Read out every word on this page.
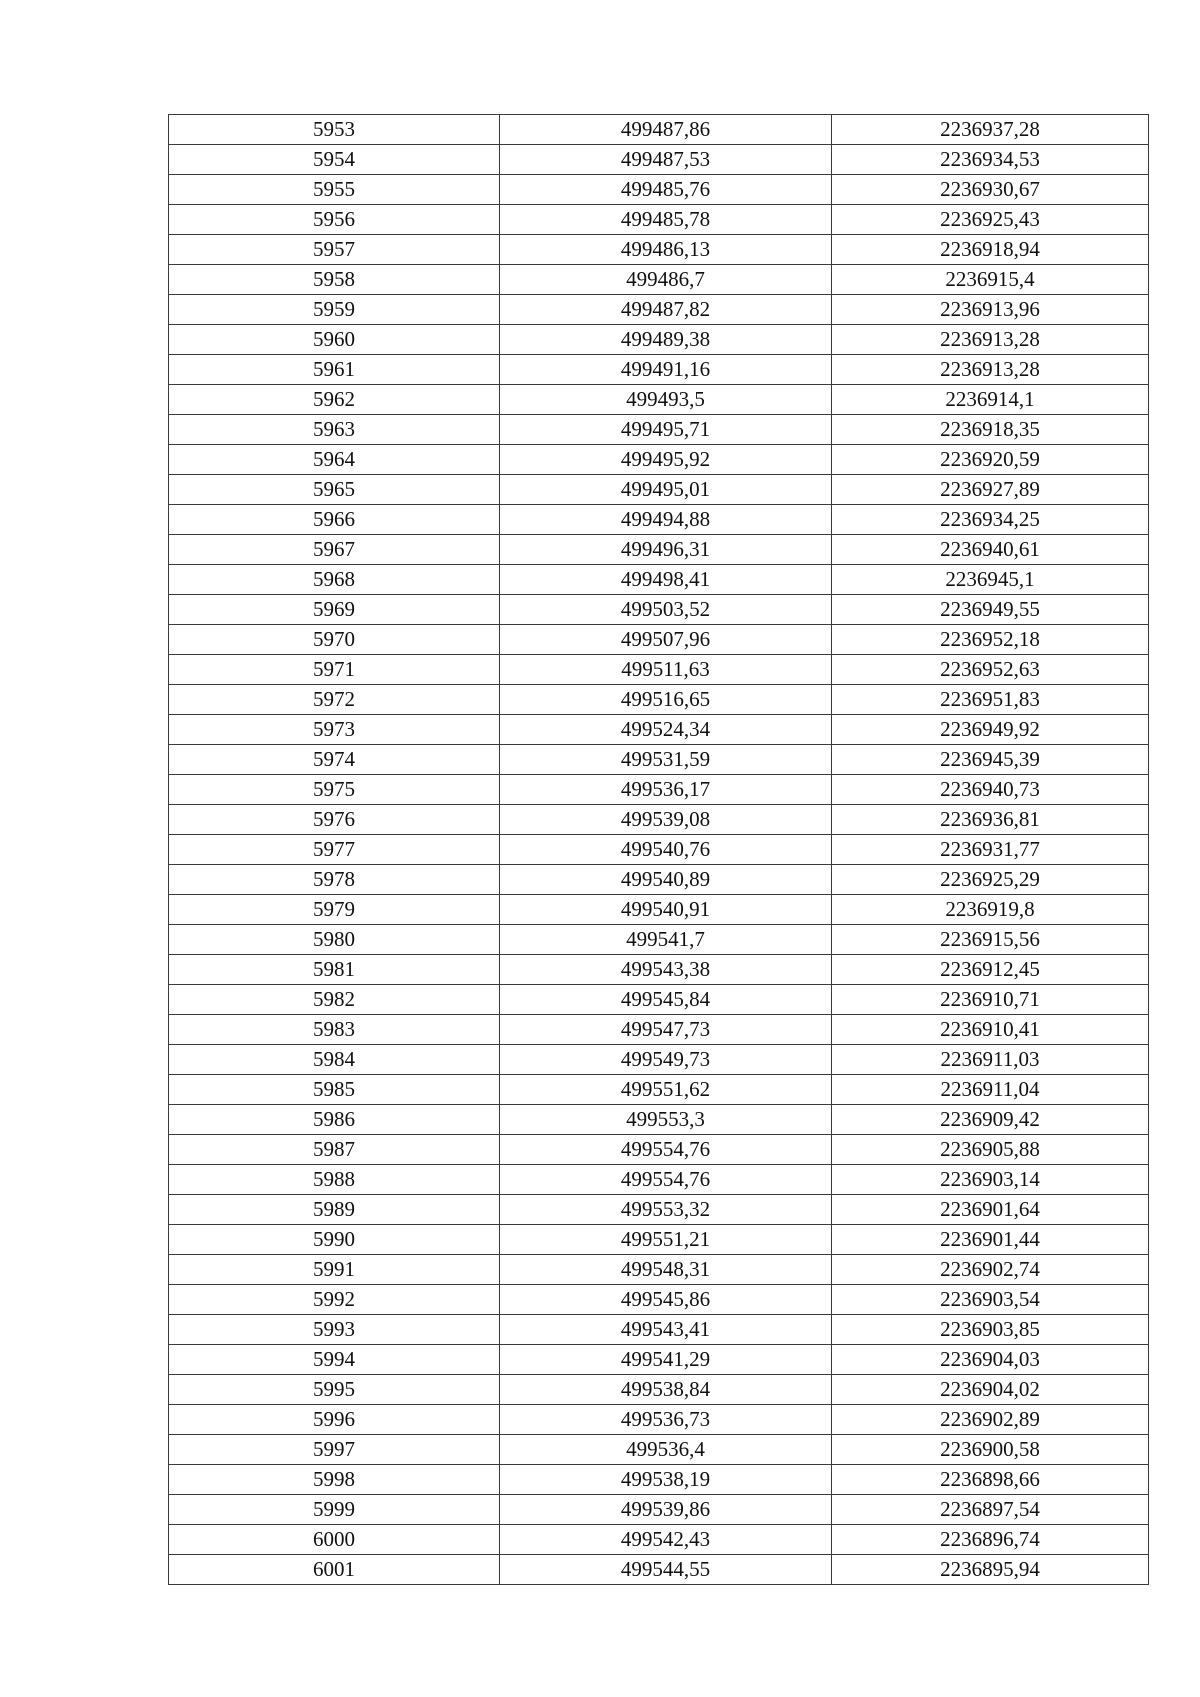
5953	499487,86	2236937,28
5954	499487,53	2236934,53
5955	499485,76	2236930,67
5956	499485,78	2236925,43
5957	499486,13	2236918,94
5958	499486,7	2236915,4
5959	499487,82	2236913,96
5960	499489,38	2236913,28
5961	499491,16	2236913,28
5962	499493,5	2236914,1
5963	499495,71	2236918,35
5964	499495,92	2236920,59
5965	499495,01	2236927,89
5966	499494,88	2236934,25
5967	499496,31	2236940,61
5968	499498,41	2236945,1
5969	499503,52	2236949,55
5970	499507,96	2236952,18
5971	499511,63	2236952,63
5972	499516,65	2236951,83
5973	499524,34	2236949,92
5974	499531,59	2236945,39
5975	499536,17	2236940,73
5976	499539,08	2236936,81
5977	499540,76	2236931,77
5978	499540,89	2236925,29
5979	499540,91	2236919,8
5980	499541,7	2236915,56
5981	499543,38	2236912,45
5982	499545,84	2236910,71
5983	499547,73	2236910,41
5984	499549,73	2236911,03
5985	499551,62	2236911,04
5986	499553,3	2236909,42
5987	499554,76	2236905,88
5988	499554,76	2236903,14
5989	499553,32	2236901,64
5990	499551,21	2236901,44
5991	499548,31	2236902,74
5992	499545,86	2236903,54
5993	499543,41	2236903,85
5994	499541,29	2236904,03
5995	499538,84	2236904,02
5996	499536,73	2236902,89
5997	499536,4	2236900,58
5998	499538,19	2236898,66
5999	499539,86	2236897,54
6000	499542,43	2236896,74
6001	499544,55	2236895,94
